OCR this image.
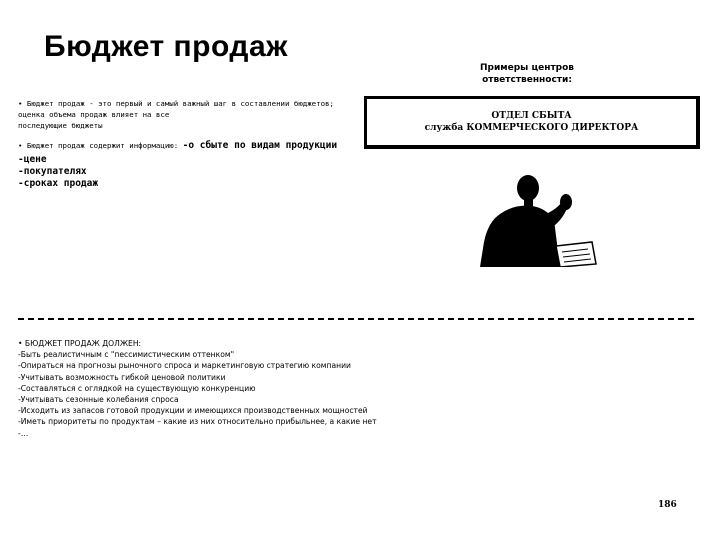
Бюджет продаж
Примеры центров
ответственности:
ОТДЕЛ СБЫТА
служба КОММЕРЧЕСКОГО ДИРЕКТОРА
• Бюджет продаж - это первый и самый важный шаг в составлении бюджетов;
оценка объема продаж влияет на все
последующие бюджеты
• Бюджет продаж содержит информацию: -о сбыте по видам продукции
-цене
-покупателях
-сроках продаж
• БЮДЖЕТ ПРОДАЖ ДОЛЖЕН:
-Быть реалистичным с "пессимистическим оттенком"
-Опираться на прогнозы рыночного спроса и маркетинговую стратегию компании
-Учитывать возможность гибкой ценовой политики
-Составляться с оглядкой на существующую конкуренцию
-Учитывать сезонные колебания спроса
-Исходить из запасов готовой продукции и имеющихся производственных мощностей
-Иметь приоритеты по продуктам – какие из них относительно прибыльнее, а какие нет
-…
186
